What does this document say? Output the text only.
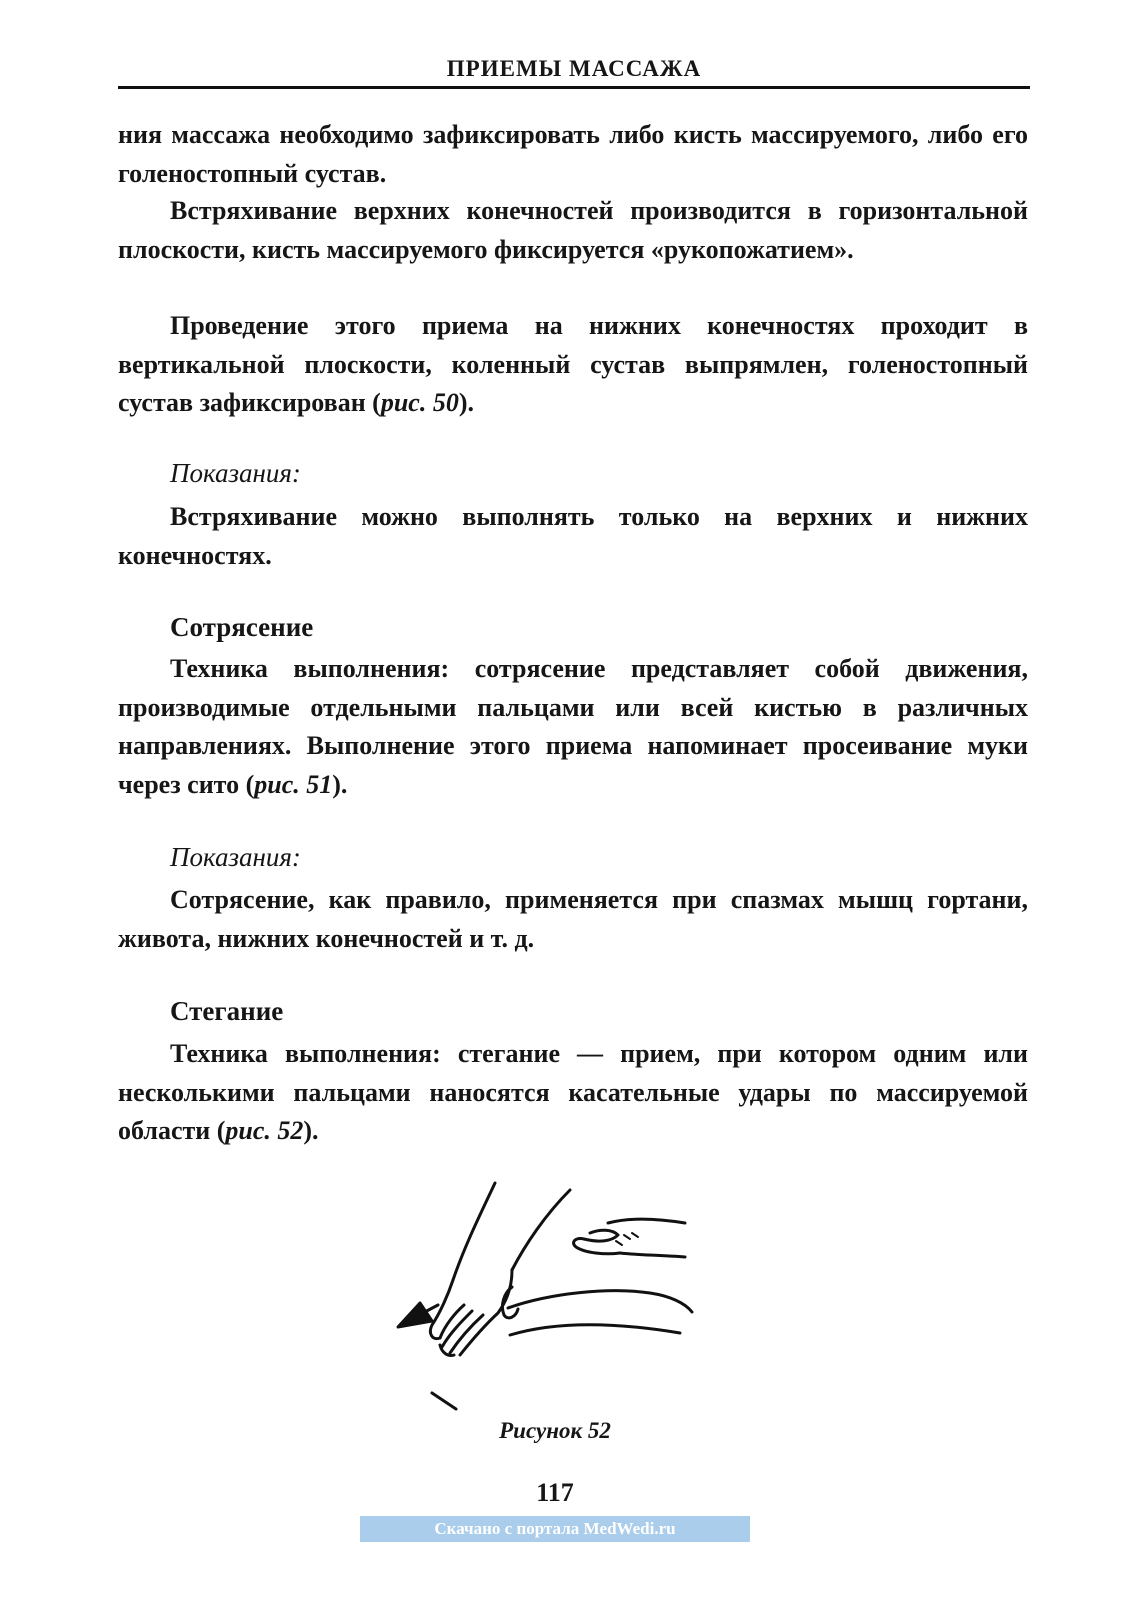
ПРИЕМЫ МАССАЖА

ния массажа необходимо зафиксировать либо кисть массируемого, либо его голеностопный сустав.

Встряхивание верхних конечностей производится в горизонтальной плоскости, кисть массируемого фиксируется «рукопожатием».

Проведение этого приема на нижних конечностях проходит в вертикальной плоскости, коленный сустав выпрямлен, голеностопный сустав зафиксирован (рис. 50).

Показания:

Встряхивание можно выполнять только на верхних и нижних конечностях.

Сотрясение

Техника выполнения: сотрясение представляет собой движения, производимые отдельными пальцами или всей кистью в различных направлениях. Выполнение этого приема напоминает просеивание муки через сито (рис. 51).

Показания:

Сотрясение, как правило, применяется при спазмах мышц гортани, живота, нижних конечностей и т. д.

Стегание

Техника выполнения: стегание — прием, при котором одним или несколькими пальцами наносятся касательные удары по массируемой области (рис. 52).

Рисунок 52
117
Скачано с портала MedWedi.ru
